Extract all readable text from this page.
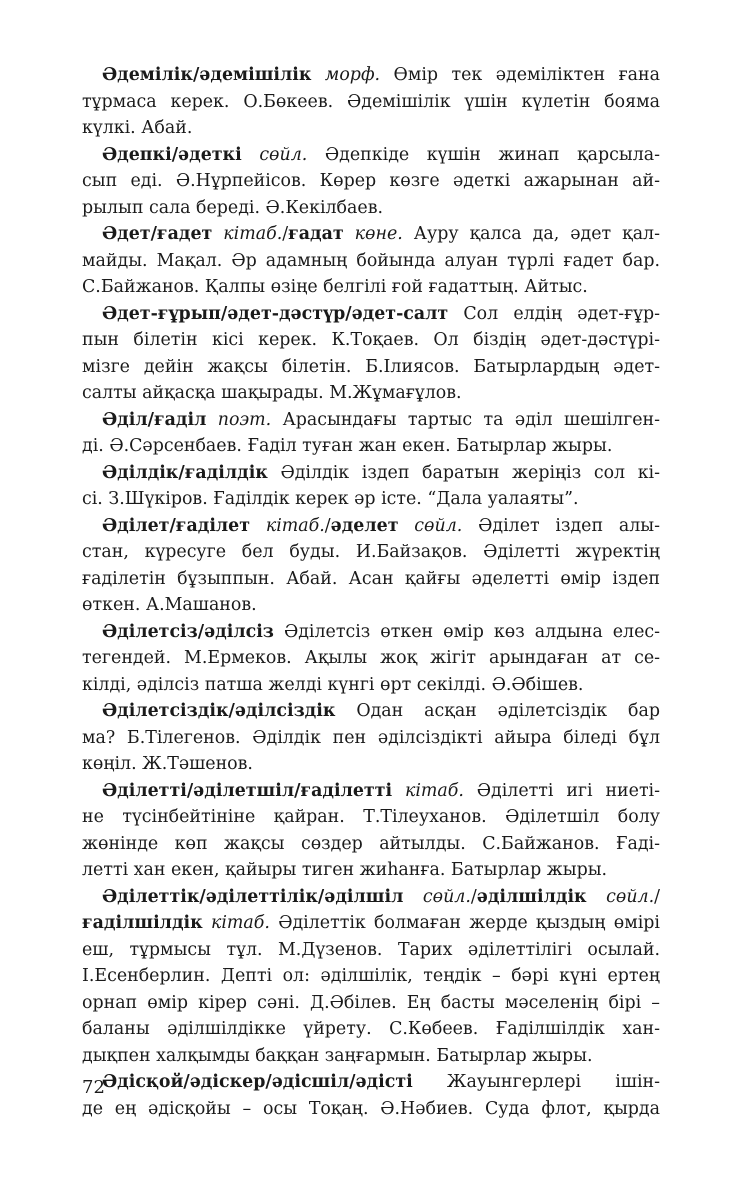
Әдемілік/әдемішілік морф. Өмір тек әдеміліктен ғана
тұрмаса керек. О.Бөкеев. Әдемішілік үшін күлетін бояма
күлкі. Абай.
Әдепкі/әдеткі сөйл. Әдепкіде күшін жинап қарсыла-
сып еді. Ә.Нұрпейісов. Көрер көзге әдеткі ажарынан ай-
рылып сала береді. Ә.Кекілбаев.
Әдет/ғадет кітаб./ғадат көне. Ауру қалса да, әдет қал-
майды. Мақал. Әр адамның бойында алуан түрлі ғадет бар.
С.Байжанов. Қалпы өзіңе белгілі ғой ғадаттың. Айтыс.
Әдет-ғұрып/әдет-дәстүр/әдет-салт Сол елдің әдет-ғұр-
пын білетін кісі керек. К.Тоқаев. Ол біздің әдет-дәстүрі-
мізге дейін жақсы білетін. Б.Ілиясов. Батырлардың әдет-
салты айқасқа шақырады. М.Жұмағұлов.
Әділ/ғаділ поэт. Арасындағы тартыс та әділ шешілген-
ді. Ә.Сәрсенбаев. Ғаділ туған жан екен. Батырлар жыры.
Әділдік/ғаділдік Әділдік іздеп баратын жеріңіз сол кі-
сі. З.Шүкіров. Ғаділдік керек әр істе. “Дала уалаяты”.
Әділет/ғаділет кітаб./әделет сөйл. Әділет іздеп алы-
стан, күресуге бел буды. И.Байзақов. Әділетті жүректің
ғаділетін бұзыппын. Абай. Асан қайғы әделетті өмір іздеп
өткен. А.Машанов.
Әділетсіз/әділсіз Әділетсіз өткен өмір көз алдына елес-
тегендей. М.Ермеков. Ақылы жоқ жігіт арындаған ат се-
кілді, әділсіз патша желді күнгі өрт секілді. Ә.Әбішев.
Әділетсіздік/әділсіздік Одан асқан әділетсіздік бар
ма? Б.Тілегенов. Әділдік пен әділсіздікті айыра біледі бұл
көңіл. Ж.Тәшенов.
Әділетті/әділетшіл/ғаділетті кітаб. Әділетті игі ниеті-
не түсінбейтініне қайран. Т.Тілеуханов. Әділетшіл болу
жөнінде көп жақсы сөздер айтылды. С.Байжанов. Ғаді-
летті хан екен, қайыры тиген жиһанға. Батырлар жыры.
Әділеттік/әділеттілік/әділшіл сөйл./әділшілдік сөйл./
ғаділшілдік кітаб. Әділеттік болмаған жерде қыздың өмірі
еш, тұрмысы тұл. М.Дүзенов. Тарих әділеттілігі осылай.
І.Есенберлин. Депті ол: әділшілік, теңдік – бәрі күні ертең
орнап өмір кірер сәні. Д.Әбілев. Ең басты мәселенің бірі –
баланы әділшілдікке үйрету. С.Көбеев. Ғаділшілдік хан-
дықпен халқымды баққан заңғармын. Батырлар жыры.
Әдісқой/әдіскер/әдісшіл/әдісті Жауынгерлері ішін-
де ең әдісқойы – осы Тоқаң. Ә.Нәбиев. Суда флот, қырда
72
